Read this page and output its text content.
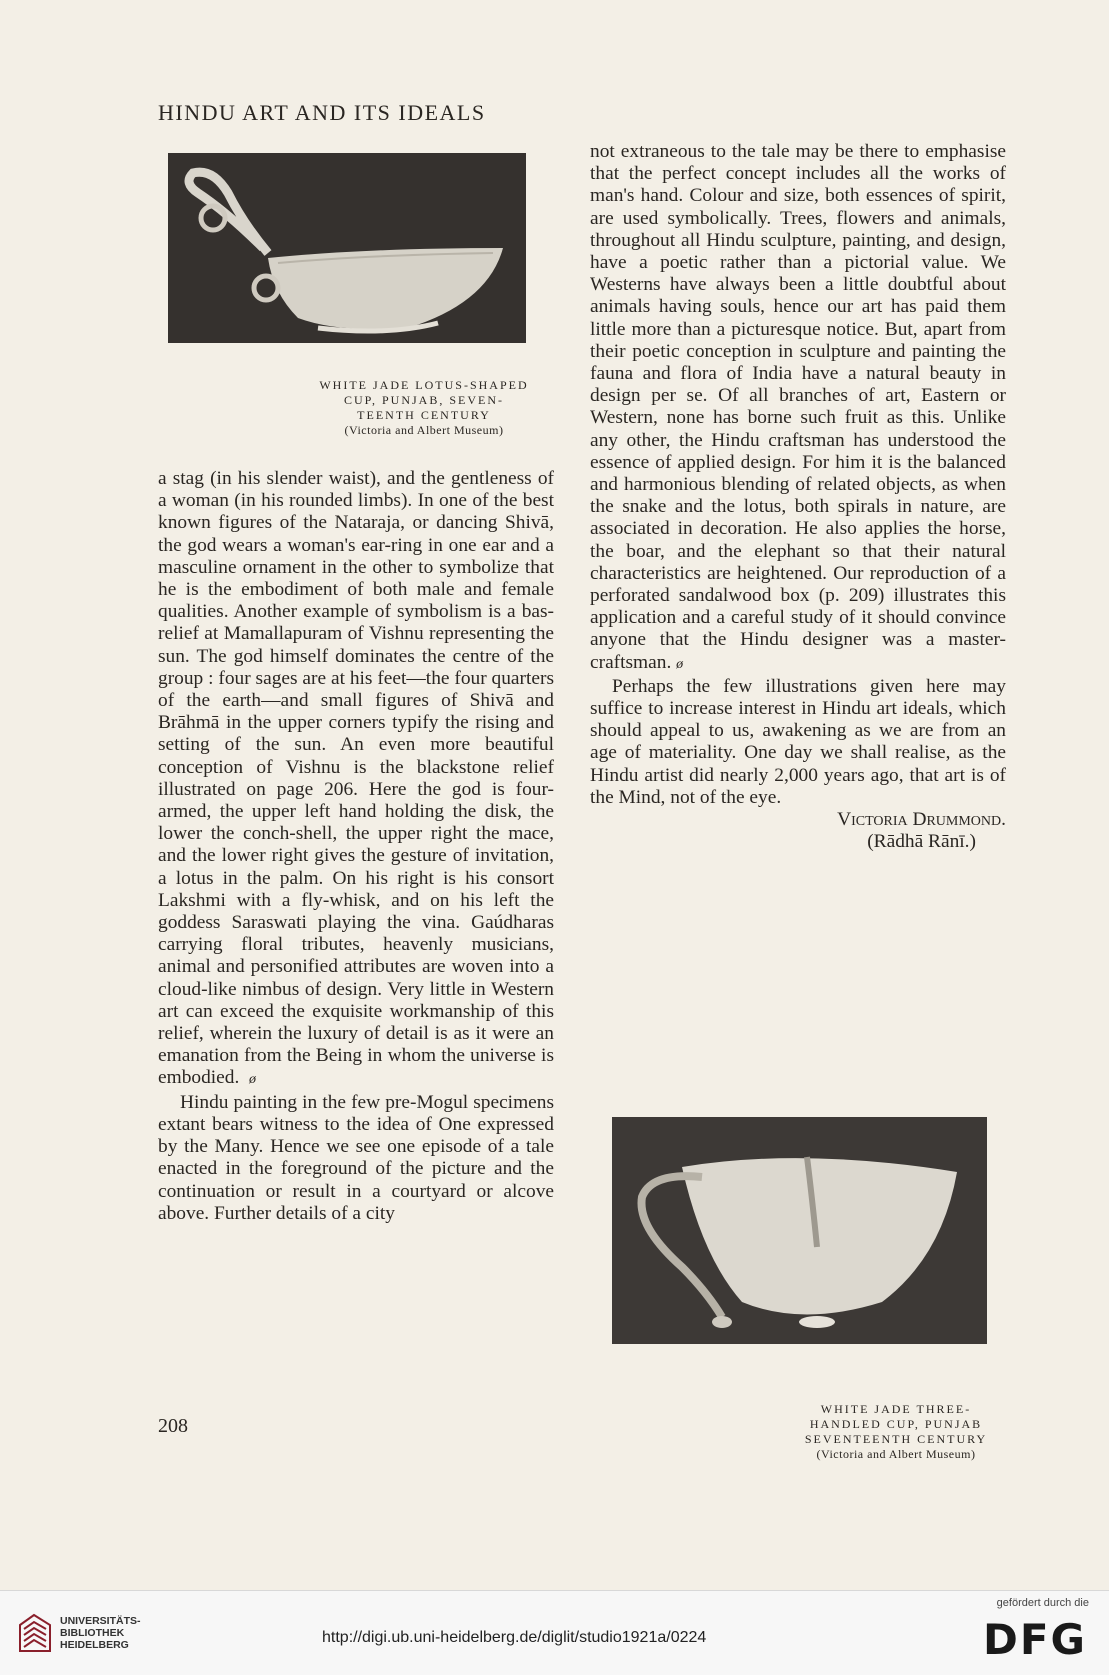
HINDU ART AND ITS IDEALS
WHITE JADE LOTUS-SHAPED
CUP, PUNJAB, SEVEN-
TEENTH CENTURY
(Victoria and Albert Museum)

a stag (in his slender waist), and the gentleness of a woman (in his rounded limbs). In one of the best known figures of the Nataraja, or dancing Shivā, the god wears a woman's ear-ring in one ear and a masculine ornament in the other to symbolize that he is the embodiment of both male and female qualities. Another example of symbolism is a bas-relief at Mamallapuram of Vishnu representing the sun. The god himself dominates the centre of the group : four sages are at his feet—the four quarters of the earth—and small figures of Shivā and Brāhmā in the upper corners typify the rising and setting of the sun. An even more beautiful conception of Vishnu is the blackstone relief illustrated on page 206. Here the god is four-armed, the upper left hand holding the disk, the lower the conch-shell, the upper right the mace, and the lower right gives the gesture of invitation, a lotus in the palm. On his right is his consort Lakshmi with a fly-whisk, and on his left the goddess Saraswati playing the vina. Gaúdharas carrying floral tributes, heavenly musicians, animal and personified attributes are woven into a cloud-like nimbus of design. Very little in Western art can exceed the exquisite workmanship of this relief, wherein the luxury of detail is as it were an emanation from the Being in whom the universe is embodied. ø

Hindu painting in the few pre-Mogul specimens extant bears witness to the idea of One expressed by the Many. Hence we see one episode of a tale enacted in the foreground of the picture and the continuation or result in a courtyard or alcove above. Further details of a city

not extraneous to the tale may be there to emphasise that the perfect concept includes all the works of man's hand. Colour and size, both essences of spirit, are used symbolically. Trees, flowers and animals, throughout all Hindu sculpture, painting, and design, have a poetic rather than a pictorial value. We Westerns have always been a little doubtful about animals having souls, hence our art has paid them little more than a picturesque notice. But, apart from their poetic conception in sculpture and painting the fauna and flora of India have a natural beauty in design per se. Of all branches of art, Eastern or Western, none has borne such fruit as this. Unlike any other, the Hindu craftsman has understood the essence of applied design. For him it is the balanced and harmonious blending of related objects, as when the snake and the lotus, both spirals in nature, are associated in decoration. He also applies the horse, the boar, and the elephant so that their natural characteristics are heightened. Our reproduction of a perforated sandalwood box (p. 209) illustrates this application and a careful study of it should convince anyone that the Hindu designer was a master-craftsman. ø

Perhaps the few illustrations given here may suffice to increase interest in Hindu art ideals, which should appeal to us, awakening as we are from an age of materiality. One day we shall realise, as the Hindu artist did nearly 2,000 years ago, that art is of the Mind, not of the eye.

Victoria Drummond.

(Rādhā Rānī.)

WHITE JADE THREE-
HANDLED CUP, PUNJAB
SEVENTEENTH CENTURY
(Victoria and Albert Museum)
208
UNIVERSITÄTS-
BIBLIOTHEK
HEIDELBERG	http://digi.ub.uni-heidelberg.de/diglit/studio1921a/0224
gefördert durch die
DFG
